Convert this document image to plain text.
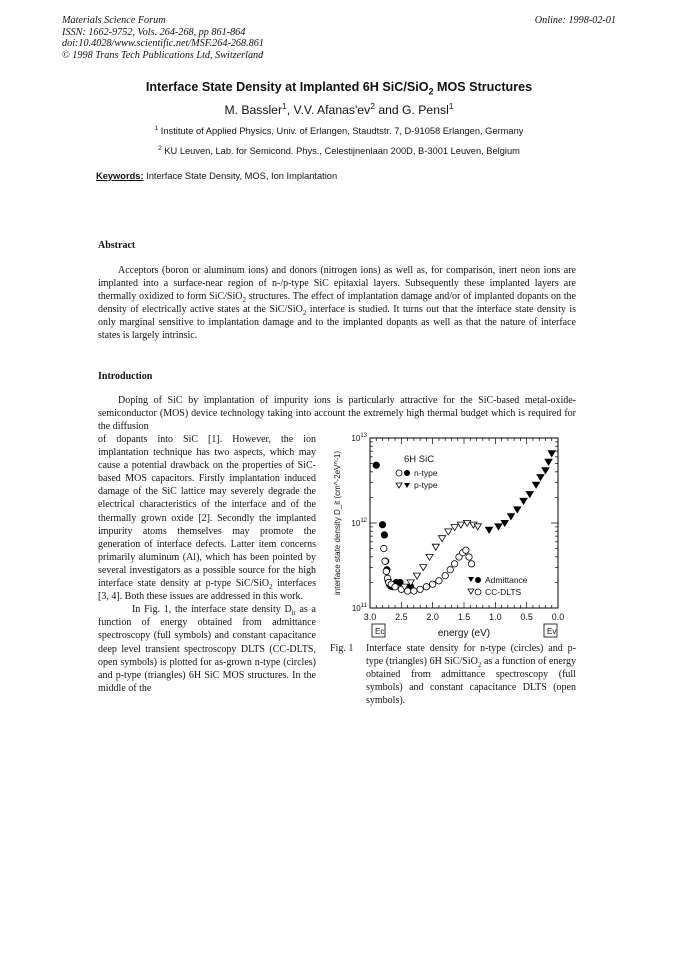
Materials Science Forum
ISSN: 1662-9752, Vols. 264-268, pp 861-864
doi:10.4028/www.scientific.net/MSF.264-268.861
© 1998 Trans Tech Publications Ltd, Switzerland
Online: 1998-02-01
Interface State Density at Implanted 6H SiC/SiO$_2$ MOS Structures
M. Bassler$^1$, V.V. $Afanas'ev^2$ and G. Pensl$^1$
$^1$ Institute of Applied Physics, Univ. of Erlangen, Staudtstr. 7, D-91058 Erlangen, Germany
$^2$ KU Leuven, Lab. for Semicond. Phys., Celestijnenlaan 200D, B-3001 Leuven, Belgium
Keywords: Interface State Density, MOS, Ion Implantation
Abstract

Acceptors (boron or aluminum ions) and donors (nitrogen ions) as well as, for comparison, inert neon ions are implanted into a surface-near region of n-/p-type SiC epitaxial layers. Subsequently these implanted layers are thermally oxidized to form SiC/SiO$_2$ structures. The effect of implantation damage and/or of implanted dopants on the density of electrically active states at the SiC/SiO$_2$ interface is studied. It turns out that the interface state density is only marginal sensitive to implantation damage and to the implanted dopants as well as that the nature of interface states is largely intrinsic.

Introduction

Doping of SiC by implantation of impurity ions is particularly attractive for the SiC-based metal-oxide-semiconductor (MOS) device technology taking into account the extremely high thermal budget which is required for the diffusion

of dopants into SiC [1]. However, the ion implantation technique has two aspects, which may cause a potential drawback on the properties of SiC-based MOS capacitors. Firstly implantation induced damage of the SiC lattice may severely degrade the electrical characteristics of the interface and of the thermally grown oxide [2]. Secondly the implanted impurity atoms themselves may promote the generation of interface defects. Latter item concerns primarily aluminum (Al), which has been pointed by several investigators as a possible source for the high interface state density at p-type SiC/SiO$_2$ interfaces [3, 4]. Both these issues are addressed in this work.

In Fig. 1, the interface state density $D_{it}$ as a function of energy obtained from admittance spectroscopy (full symbols) and constant capacitance deep level transient spectroscopy DLTS (CC-DLTS, open symbols) is plotted for as-grown n-type (circles) and p-type (triangles) 6H SiC MOS structures. In the middle of the

3.0 2.5 2.0 1.5 1.0 0.5 0.0
$10^{11}$
$10^{12}$
$10^{13}$
6H SiC
n-type
p-type
Admittance
CC-DLTS
interface state density D_it (cm^-2eV^-1)
energy (eV)
Ec	Ev
Fig. 1 Interface state density for n-type (circles) and p-type (triangles) 6H SiC/SiO$_2$ as a function of energy obtained from admittance spectroscopy (full symbols) and constant capacitance DLTS (open symbols).
